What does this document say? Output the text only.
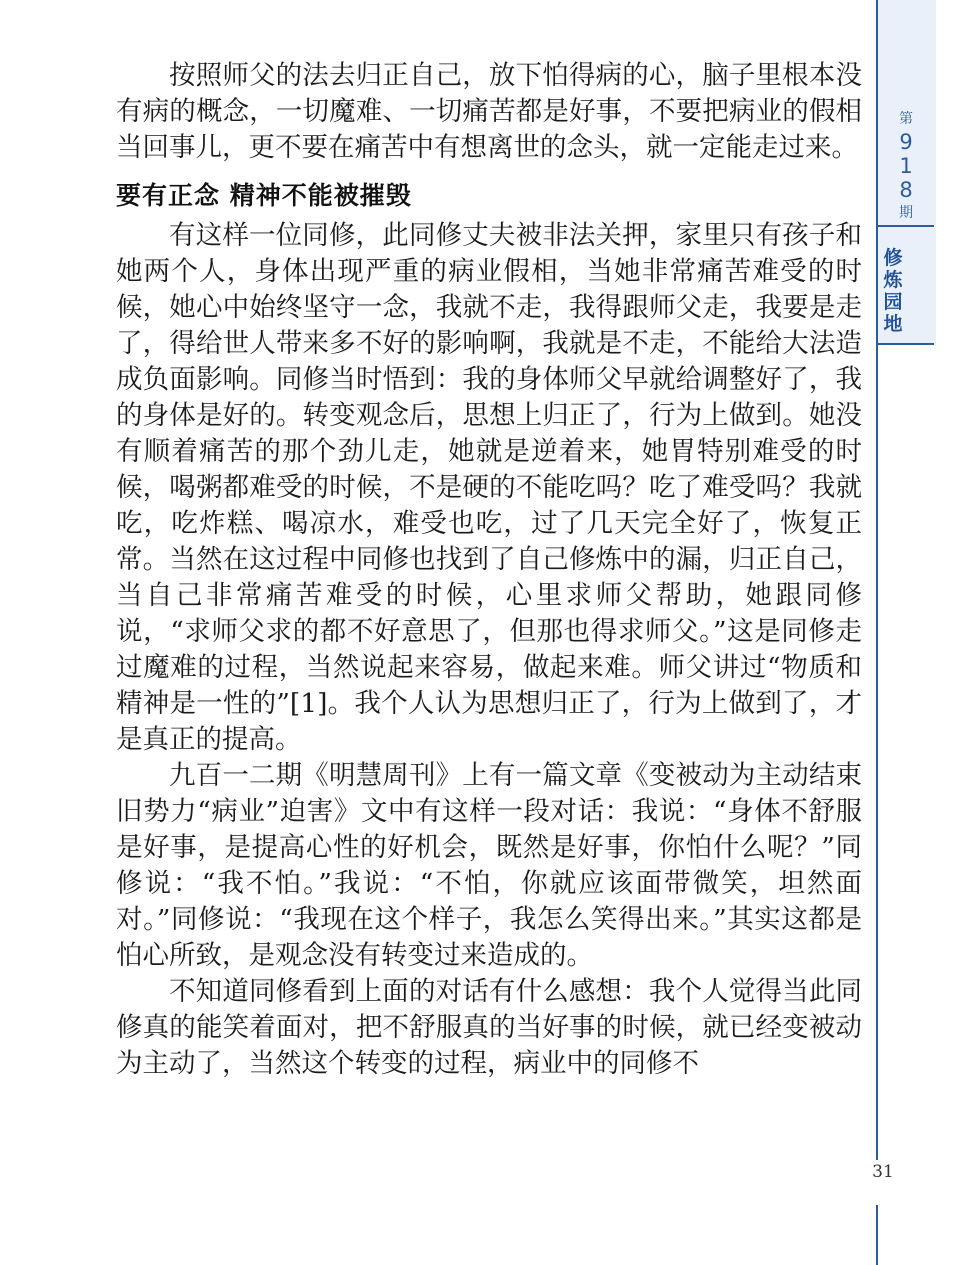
第
9
1
8
期
修
炼
园
地

按照师父的法去归正自己，放下怕得病的心，脑子里根本没有病的概念，一切魔难、一切痛苦都是好事，不要把病业的假相当回事儿，更不要在痛苦中有想离世的念头，就一定能走过来。

要有正念 精神不能被摧毁

有这样一位同修，此同修丈夫被非法关押，家里只有孩子和她两个人，身体出现严重的病业假相，当她非常痛苦难受的时候，她心中始终坚守一念，我就不走，我得跟师父走，我要是走了，得给世人带来多不好的影响啊，我就是不走，不能给大法造成负面影响。同修当时悟到：我的身体师父早就给调整好了，我的身体是好的。转变观念后，思想上归正了，行为上做到。她没有顺着痛苦的那个劲儿走，她就是逆着来，她胃特别难受的时候，喝粥都难受的时候，不是硬的不能吃吗？吃了难受吗？我就吃，吃炸糕、喝凉水，难受也吃，过了几天完全好了，恢复正常。当然在这过程中同修也找到了自己修炼中的漏，归正自己，当自己非常痛苦难受的时候，心里求师父帮助，她跟同修说，“求师父求的都不好意思了，但那也得求师父。”这是同修走过魔难的过程，当然说起来容易，做起来难。师父讲过“物质和精神是一性的”[1]。我个人认为思想归正了，行为上做到了，才是真正的提高。

九百一二期《明慧周刊》上有一篇文章《变被动为主动结束旧势力“病业”迫害》文中有这样一段对话：我说：“身体不舒服是好事，是提高心性的好机会，既然是好事，你怕什么呢？”同修说：“我不怕。”我说：“不怕，你就应该面带微笑，坦然面对。”同修说：“我现在这个样子，我怎么笑得出来。”其实这都是怕心所致，是观念没有转变过来造成的。

不知道同修看到上面的对话有什么感想：我个人觉得当此同修真的能笑着面对，把不舒服真的当好事的时候，就已经变被动为主动了，当然这个转变的过程，病业中的同修不

31
